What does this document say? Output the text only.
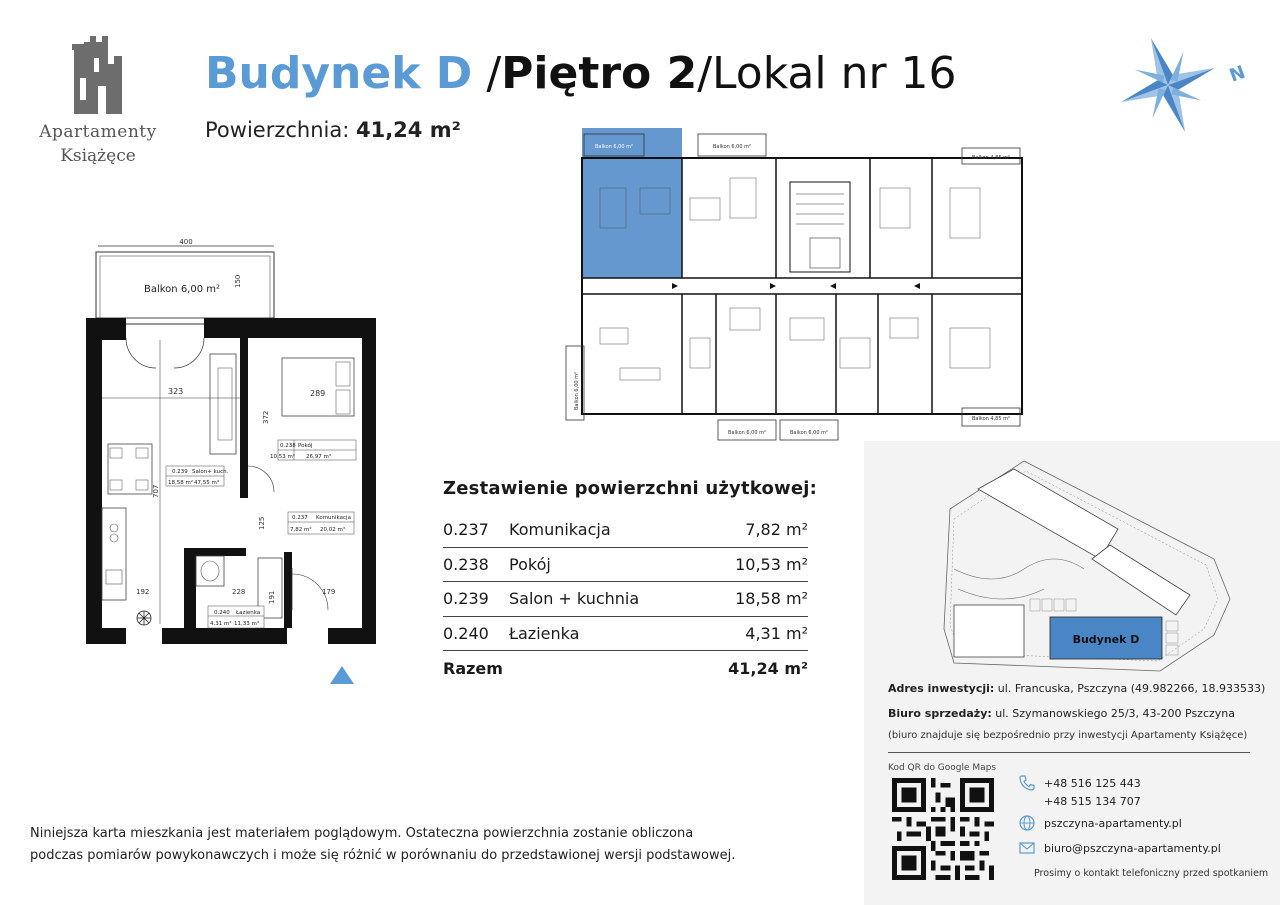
Apartamenty
Książęce
Budynek D /Piętro 2/Lokal nr 16
Powierzchnia: 41,24 m²
N
400
Balkon 6,00 m²
150
289
372
323
707
192
0.238 Pokój
10,53 m² 26,97 m³
0.239 Salon+ kuch.
18,58 m² 47,55 m³
0.237 Komunikacja
7,82 m² 20,02 m³
125
228	191	179
0.240 Łazienka
4,31 m² 11,33 m³
Balkon 6,00 m²	Balkon 6,00 m²
Balkon 4,85 m²
Balkon 6,00 m²	Balkon 6,00 m²
Balkon 4,85 m²
Balkon 6,00 m²
Zestawienie powierzchni użytkowej:
0.237	Komunikacja	7,82 m²
0.238	Pokój	10,53 m²
0.239	Salon + kuchnia	18,58 m²
0.240	Łazienka	4,31 m²
Razem	41,24 m²
Niniejsza karta mieszkania jest materiałem poglądowym. Ostateczna powierzchnia zostanie obliczona
podczas pomiarów powykonawczych i może się różnić w porównaniu do przedstawionej wersji podstawowej.
Budynek D
Adres inwestycji: ul. Francuska, Pszczyna (49.982266, 18.933533)
Biuro sprzedaży: ul. Szymanowskiego 25/3, 43-200 Pszczyna
(biuro znajduje się bezpośrednio przy inwestycji Apartamenty Książęce)
Kod QR do Google Maps
+48 516 125 443
+48 515 134 707
pszczyna-apartamenty.pl
biuro@pszczyna-apartamenty.pl
Prosimy o kontakt telefoniczny przed spotkaniem
